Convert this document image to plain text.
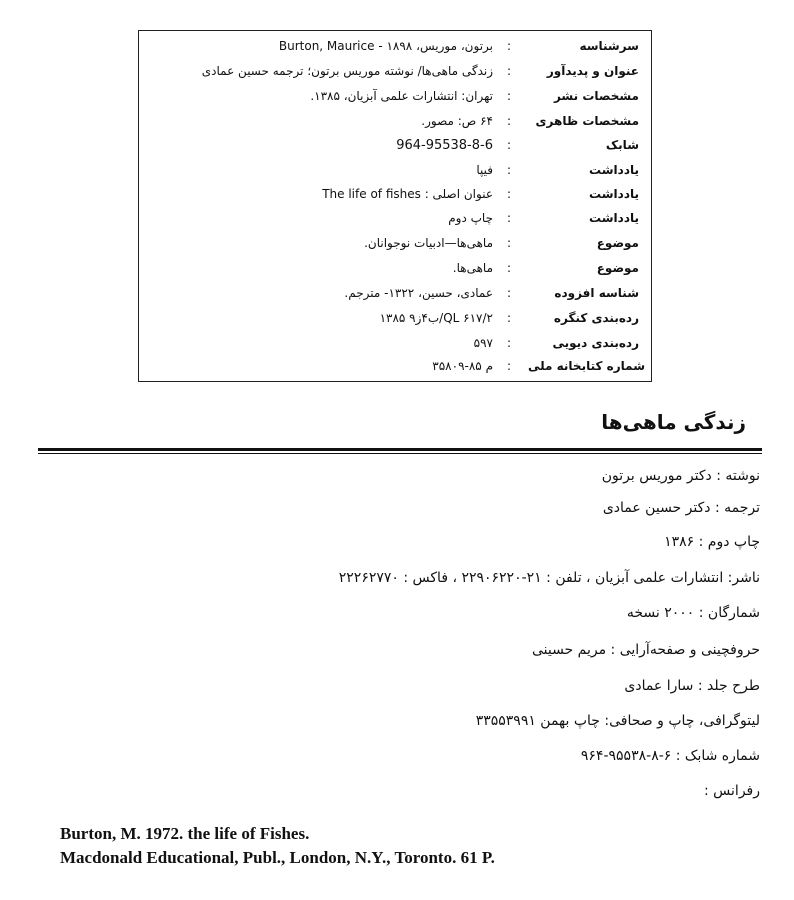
سرشناسه
:
برتون، موریس، ۱۸۹۸ - Burton, Maurice
عنوان و پدیدآور
:
زندگی ماهی‌ها/ نوشته موریس برتون؛ ترجمه حسین عمادی
مشخصات نشر
:
تهران: انتشارات علمی آبزیان، ۱۳۸۵.
مشخصات ظاهری
:
۶۴ ص: مصور.
شابک
:
964-95538-8-6
یادداشت
:
فیپا
یادداشت
:
عنوان اصلی : The life of fishes
یادداشت
:
چاپ دوم
موضوع
:
ماهی‌ها—ادبیات نوجوانان.
موضوع
:
ماهی‌ها.
شناسه افزوده
:
عمادی، حسین، ۱۳۲۲- مترجم.
رده‌بندی کنگره
:
QL ۶۱۷/۲/ب۴ز۹ ۱۳۸۵
رده‌بندی دیویی
:
۵۹۷
شماره کتابخانه ملی
:
م ۸۵-۳۵۸۰۹
زندگی ماهی‌ها
نوشته : دکتر موریس برتون
ترجمه : دکتر حسین عمادی
چاپ دوم : ۱۳۸۶
ناشر: انتشارات علمی آبزیان ، تلفن : ۲۱-۲۲۹۰۶۲۲۰ ، فاکس : ۲۲۲۶۲۷۷۰
شمارگان : ۲۰۰۰ نسخه
حروفچینی و صفحه‌آرایی : مریم حسینی
طرح جلد : سارا عمادی
لیتوگرافی، چاپ و صحافی: چاپ بهمن ۳۳۵۵۳۹۹۱
شماره شابک : ۶-۸-۹۵۵۳۸-۹۶۴
رفرانس :
Burton, M. 1972. the life of Fishes.
Macdonald Educational, Publ., London, N.Y., Toronto. 61 P.
